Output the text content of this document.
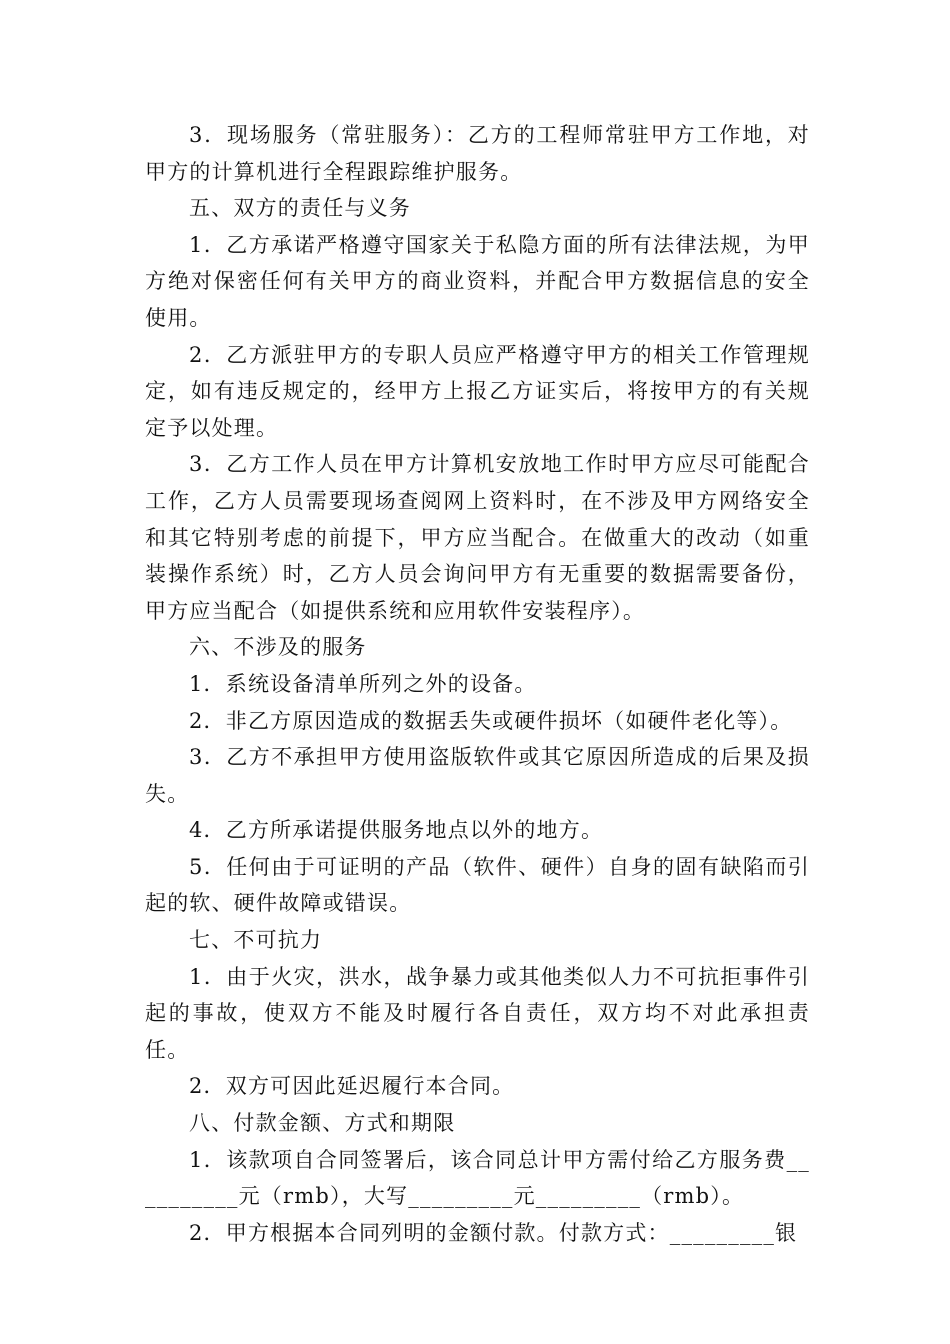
3．现场服务（常驻服务）：乙方的工程师常驻甲方工作地，对甲方的计算机进行全程跟踪维护服务。

五、双方的责任与义务

1．乙方承诺严格遵守国家关于私隐方面的所有法律法规，为甲方绝对保密任何有关甲方的商业资料，并配合甲方数据信息的安全使用。

2．乙方派驻甲方的专职人员应严格遵守甲方的相关工作管理规定，如有违反规定的，经甲方上报乙方证实后，将按甲方的有关规定予以处理。

3．乙方工作人员在甲方计算机安放地工作时甲方应尽可能配合工作，乙方人员需要现场查阅网上资料时，在不涉及甲方网络安全和其它特别考虑的前提下，甲方应当配合。在做重大的改动（如重装操作系统）时，乙方人员会询问甲方有无重要的数据需要备份，甲方应当配合（如提供系统和应用软件安装程序）。

六、不涉及的服务

1．系统设备清单所列之外的设备。

2．非乙方原因造成的数据丢失或硬件损坏（如硬件老化等）。

3．乙方不承担甲方使用盗版软件或其它原因所造成的后果及损失。

4．乙方所承诺提供服务地点以外的地方。

5．任何由于可证明的产品（软件、硬件）自身的固有缺陷而引起的软、硬件故障或错误。

七、不可抗力

1．由于火灾，洪水，战争暴力或其他类似人力不可抗拒事件引起的事故，使双方不能及时履行各自责任，双方均不对此承担责任。

2．双方可因此延迟履行本合同。

八、付款金额、方式和期限

1．该款项自合同签署后，该合同总计甲方需付给乙方服务费__________元（rmb），大写_________元_________（rmb）。

2．甲方根据本合同列明的金额付款。付款方式：_________银
